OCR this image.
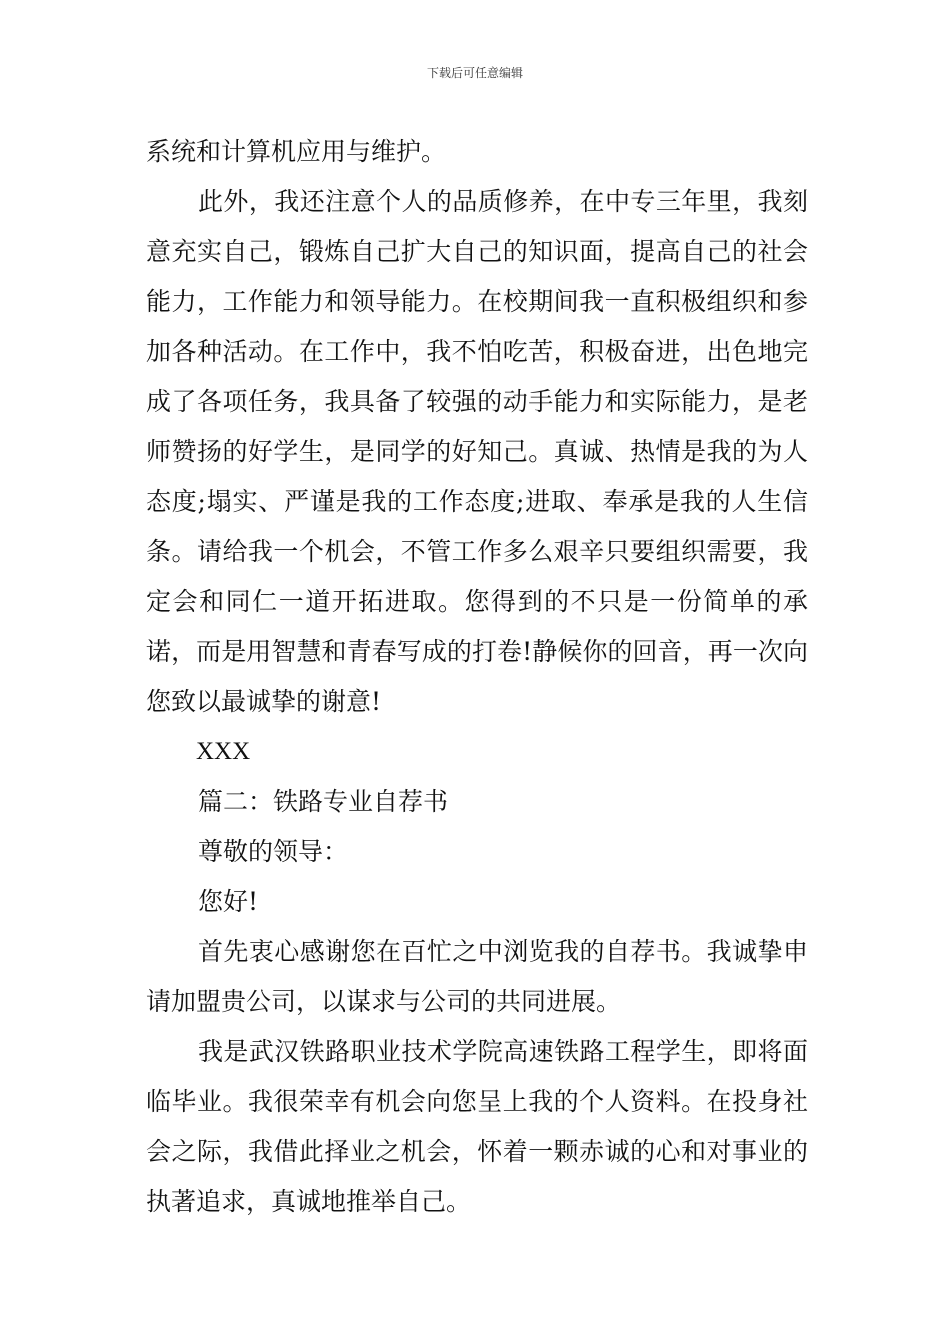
下载后可任意编辑

系统和计算机应用与维护。

此外，我还注意个人的品质修养，在中专三年里，我刻意充实自己，锻炼自己扩大自己的知识面，提高自己的社会能力，工作能力和领导能力。在校期间我一直积极组织和参加各种活动。在工作中，我不怕吃苦，积极奋进，出色地完成了各项任务，我具备了较强的动手能力和实际能力，是老师赞扬的好学生，是同学的好知己。真诚、热情是我的为人态度;塌实、严谨是我的工作态度;进取、奉承是我的人生信条。请给我一个机会，不管工作多么艰辛只要组织需要，我定会和同仁一道开拓进取。您得到的不只是一份简单的承诺，而是用智慧和青春写成的打卷!静候你的回音，再一次向您致以最诚挚的谢意!

XXX

篇二：铁路专业自荐书

尊敬的领导：

您好!

首先衷心感谢您在百忙之中浏览我的自荐书。我诚挚申请加盟贵公司，以谋求与公司的共同进展。

我是武汉铁路职业技术学院高速铁路工程学生，即将面临毕业。我很荣幸有机会向您呈上我的个人资料。在投身社会之际，我借此择业之机会，怀着一颗赤诚的心和对事业的执著追求，真诚地推举自己。
